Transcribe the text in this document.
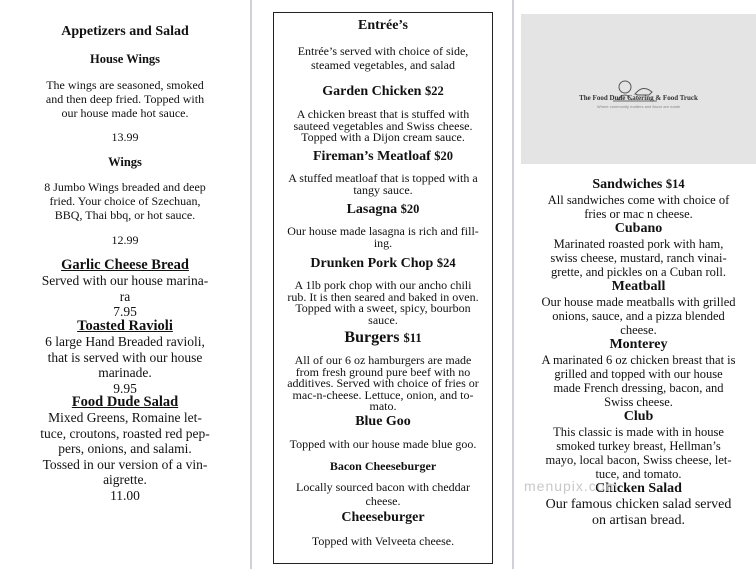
Appetizers and Salad
House Wings
The wings are seasoned, smoked
and then deep fried. Topped with
our house made hot sauce.
13.99
Wings
8 Jumbo Wings breaded and deep
fried. Your choice of Szechuan,
BBQ, Thai bbq, or hot sauce.
12.99
Garlic Cheese Bread
Served with our house marina-
ra
7.95
Toasted Ravioli
6 large Hand Breaded ravioli,
that is served with our house
marinade.
9.95
Food Dude Salad
Mixed Greens, Romaine let-
tuce, croutons, roasted red pep-
pers, onions, and salami.
Tossed in our version of a vin-
aigrette.
11.00
Entrée’s
Entrée’s served with choice of side,
steamed vegetables, and salad
Garden Chicken $22
A chicken breast that is stuffed with
sauteed vegetables and Swiss cheese.
Topped with a Dijon cream sauce.
Fireman’s Meatloaf $20
A stuffed meatloaf that is topped with a
tangy sauce.
Lasagna $20
Our house made lasagna is rich and fill-
ing.
Drunken Pork Chop $24
A 1lb pork chop with our ancho chili
rub. It is then seared and baked in oven.
Topped with a sweet, spicy, bourbon
sauce.
Burgers $11
All of our 6 oz hamburgers are made
from fresh ground pure beef with no
additives. Served with choice of fries or
mac-n-cheese. Lettuce, onion, and to-
mato.
Blue Goo
Topped with our house made blue goo.
Bacon Cheeseburger
Locally sourced bacon with cheddar
cheese.
Cheeseburger
Topped with Velveeta cheese.
The Food Dude Catering & Food Truck
Where community matters and flavor are made
Sandwiches $14
All sandwiches come with choice of
fries or mac n cheese.
Cubano
Marinated roasted pork with ham,
swiss cheese, mustard, ranch vinai-
grette, and pickles on a Cuban roll.
Meatball
Our house made meatballs with grilled
onions, sauce, and a pizza blended
cheese.
Monterey
A marinated 6 oz chicken breast that is
grilled and topped with our house
made French dressing, bacon, and
Swiss cheese.
Club
This classic is made with in house
smoked turkey breast, Hellman’s
mayo, local bacon, Swiss cheese, let-
tuce, and tomato.
Chicken Salad
Our famous chicken salad served
on artisan bread.
menupix.com
